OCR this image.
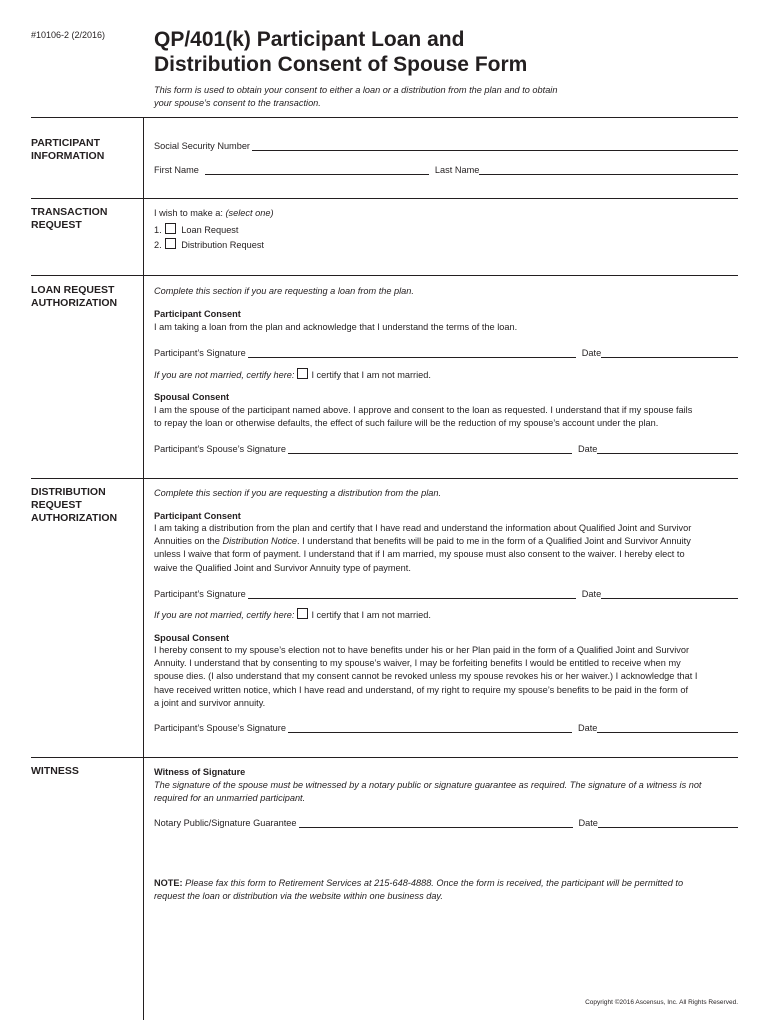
#10106-2 (2/2016) QP/401(k) Participant Loan and
Distribution Consent of Spouse Form
This form is used to obtain your consent to either a loan or a distribution from the plan and to obtain
your spouse’s consent to the transaction.
PARTICIPANT
INFORMATION
Social Security Number
First Name	Last Name
TRANSACTION
REQUEST
I wish to make a: (select one)
1. Loan Request
2. Distribution Request
LOAN REQUEST
AUTHORIZATION
Complete this section if you are requesting a loan from the plan.
Participant Consent
I am taking a loan from the plan and acknowledge that I understand the terms of the loan.
Participant’s Signature	Date
If you are not married, certify here: I certify that I am not married.
Spousal Consent
I am the spouse of the participant named above. I approve and consent to the loan as requested. I understand that if my spouse fails
to repay the loan or otherwise defaults, the effect of such failure will be the reduction of my spouse’s account under the plan.
Participant’s Spouse’s Signature	Date
DISTRIBUTION
REQUEST
AUTHORIZATION
Complete this section if you are requesting a distribution from the plan.
Participant Consent
I am taking a distribution from the plan and certify that I have read and understand the information about Qualified Joint and Survivor
Annuities on the Distribution Notice. I understand that benefits will be paid to me in the form of a Qualified Joint and Survivor Annuity
unless I waive that form of payment. I understand that if I am married, my spouse must also consent to the waiver. I hereby elect to
waive the Qualified Joint and Survivor Annuity type of payment.
Participant’s Signature	Date
If you are not married, certify here: I certify that I am not married.
Spousal Consent
I hereby consent to my spouse’s election not to have benefits under his or her Plan paid in the form of a Qualified Joint and Survivor
Annuity. I understand that by consenting to my spouse’s waiver, I may be forfeiting benefits I would be entitled to receive when my
spouse dies. (I also understand that my consent cannot be revoked unless my spouse revokes his or her waiver.) I acknowledge that I
have received written notice, which I have read and understand, of my right to require my spouse’s benefits to be paid in the form of
a joint and survivor annuity.
Participant’s Spouse’s Signature	Date
WITNESS	Witness of Signature
The signature of the spouse must be witnessed by a notary public or signature guarantee as required. The signature of a witness is not
required for an unmarried participant.
Notary Public/Signature Guarantee	Date
NOTE: Please fax this form to Retirement Services at 215-648-4888. Once the form is received, the participant will be permitted to
request the loan or distribution via the website within one business day.
Copyright ©2016 Ascensus, Inc. All Rights Reserved.
